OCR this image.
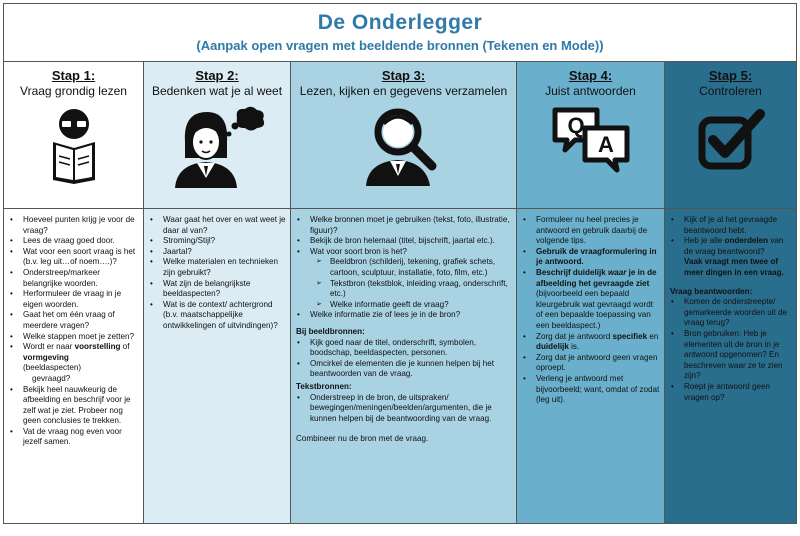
De Onderlegger
(Aanpak open vragen met beeldende bronnen (Tekenen en Mode))
Stap 1:
Vraag grondig lezen
• Hoeveel punten krijg je voor de vraag?
• Lees de vraag goed door.
• Wat voor een soort vraag is het (b.v. leg uit…of noem….)?
• Onderstreep/markeer belangrijke woorden.
• Herformuleer de vraag in je eigen woorden.
• Gaat het om één vraag of meerdere vragen?
• Welke stappen moet je zetten?
• Wordt er naar voorstelling of vormgeving
(beeldaspecten)
gevraagd?
• Bekijk heel nauwkeurig de afbeelding en beschrijf voor je zelf wat je ziet. Probeer nog geen conclusies te trekken.
• Vat de vraag nog even voor jezelf samen.
Stap 2:
Bedenken wat je al weet
• Waar gaat het over en wat weet je daar al van?
• Stroming/Stijl?
• Jaartal?
• Welke materialen en technieken zijn gebruikt?
• Wat zijn de belangrijkste beeldaspecten?
• Wat is de context/ achtergrond (b.v. maatschappelijke ontwikkelingen of uitvindingen)?
Stap 3:
Lezen, kijken en gegevens verzamelen
• Welke bronnen moet je gebruiken (tekst, foto, illustratie, figuur)?
• Bekijk de bron helemaal (titel, bijschrift, jaartal etc.).
• Wat voor soort bron is het?
➢ Beeldbron (schilderij, tekening, grafiek schets, cartoon, sculptuur, installatie, foto, film, etc.)
➢ Tekstbron (tekstblok, inleiding vraag, onderschrift, etc.)
➢ Welke informatie geeft de vraag?
• Welke informatie zie of lees je in de bron?
Bij beeldbronnen:
• Kijk goed naar de titel, onderschrift, symbolen, boodschap, beeldaspecten, personen.
• Omcirkel de elementen die je kunnen helpen bij het beantwoorden van de vraag.
Tekstbronnen:
• Onderstreep in de bron, de uitspraken/ bewegingen/meningen/beelden/argumenten, die je kunnen helpen bij de beantwoording van de vraag.
Combineer nu de bron met de vraag.
Stap 4:
Juist antwoorden
Q
A
• Formuleer nu heel precies je antwoord en gebruik daarbij de volgende tips.
• Gebruik de vraagformulering in je antwoord.
• Beschrijf duidelijk waar je in de afbeelding het gevraagde ziet
(bijvoorbeeld een bepaald kleurgebruik wat gevraagd wordt of een bepaalde toepassing van een beeldaspect.)
• Zorg dat je antwoord specifiek en duidelijk is.
• Zorg dat je antwoord geen vragen oproept.
• Verleng je antwoord met bijvoorbeeld; want, omdat of zodat (leg uit).
Stap 5:
Controleren
• Kijk of je al het gevraagde beantwoord hebt.
• Heb je alle onderdelen van de vraag beantwoord?
Vaak vraagt men twee of meer dingen in een vraag.
Vraag beantwoorden:
• Komen de onderstreepte/ gemarkeerde woorden uit de vraag terug?
• Bron gebruiken: Heb je elementen uit de bron in je antwoord opgenomen? En beschreven waar ze te zien zijn?
• Roept je antwoord geen vragen op?
